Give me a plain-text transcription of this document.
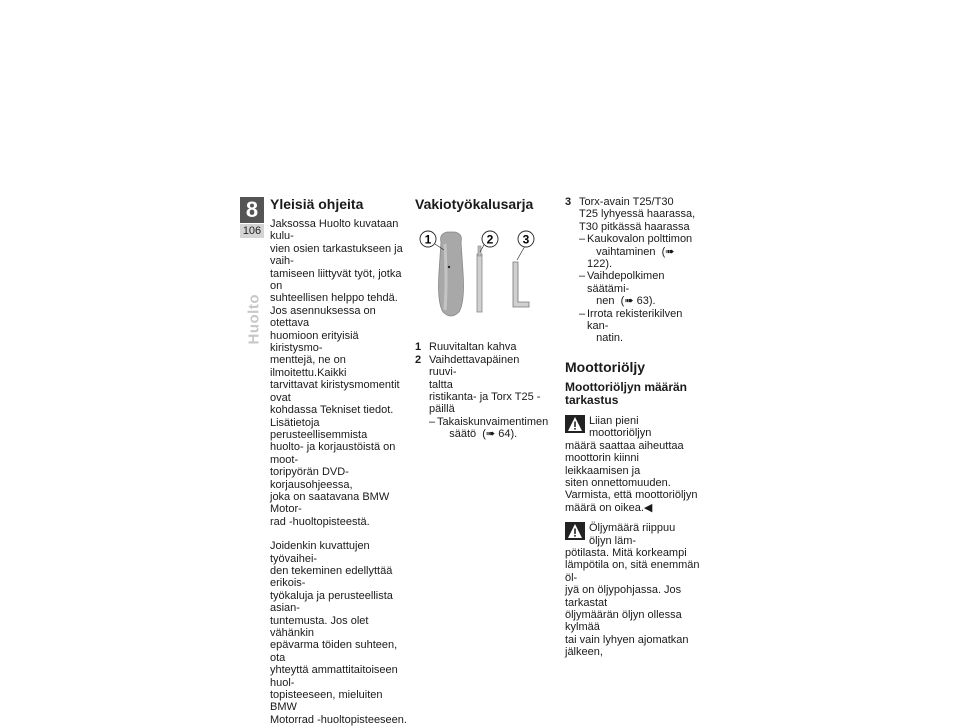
8
106
Huolto
Yleisiä ohjeita

Jaksossa Huolto kuvataan kulu-
vien osien tarkastukseen ja vaih-
tamiseen liittyvät työt, jotka on
suhteellisen helppo tehdä.
Jos asennuksessa on otettava
huomioon erityisiä kiristysmo-
menttejä, ne on ilmoitettu.Kaikki
tarvittavat kiristysmomentit ovat
kohdassa Tekniset tiedot.
Lisätietoja perusteellisemmista
huolto- ja korjaustöistä on moot-
toripyörän DVD-korjausohjeessa,
joka on saatavana BMW Motor-
rad -huoltopisteestä.

Joidenkin kuvattujen työvaihei-
den tekeminen edellyttää erikois-
työkaluja ja perusteellista asian-
tuntemusta. Jos olet vähänkin
epävarma töiden suhteen, ota
yhteyttä ammattitaitoiseen huol-
topisteeseen, mieluiten BMW
Motorrad -huoltopisteeseen.

Vakiotyökalusarja
1	2 3
1 Ruuvitaltan kahva
2 Vaihdettavapäinen ruuvi-
taltta
ristikanta- ja Torx T25 -
päillä
– Takaiskunvaimentimen
säätö (➠ 64).
3 Torx-avain T25/T30
T25 lyhyessä haarassa,
T30 pitkässä haarassa
– Kaukovalon polttimon
vaihtaminen (➠ 122).
– Vaihdepolkimen säätämi-
nen (➠ 63).
– Irrota rekisterikilven kan-
natin.
Moottoriöljy
Moottoriöljyn määrän
tarkastus
Liian pieni moottoriöljyn
määrä saattaa aiheuttaa
moottorin kiinni leikkaamisen ja
siten onnettomuuden.
Varmista, että moottoriöljyn
määrä on oikea.◀
Öljymäärä riippuu öljyn läm-
pötilasta. Mitä korkeampi
lämpötila on, sitä enemmän öl-
jyä on öljypohjassa. Jos tarkastat
öljymäärän öljyn ollessa kylmää
tai vain lyhyen ajomatkan jälkeen,
